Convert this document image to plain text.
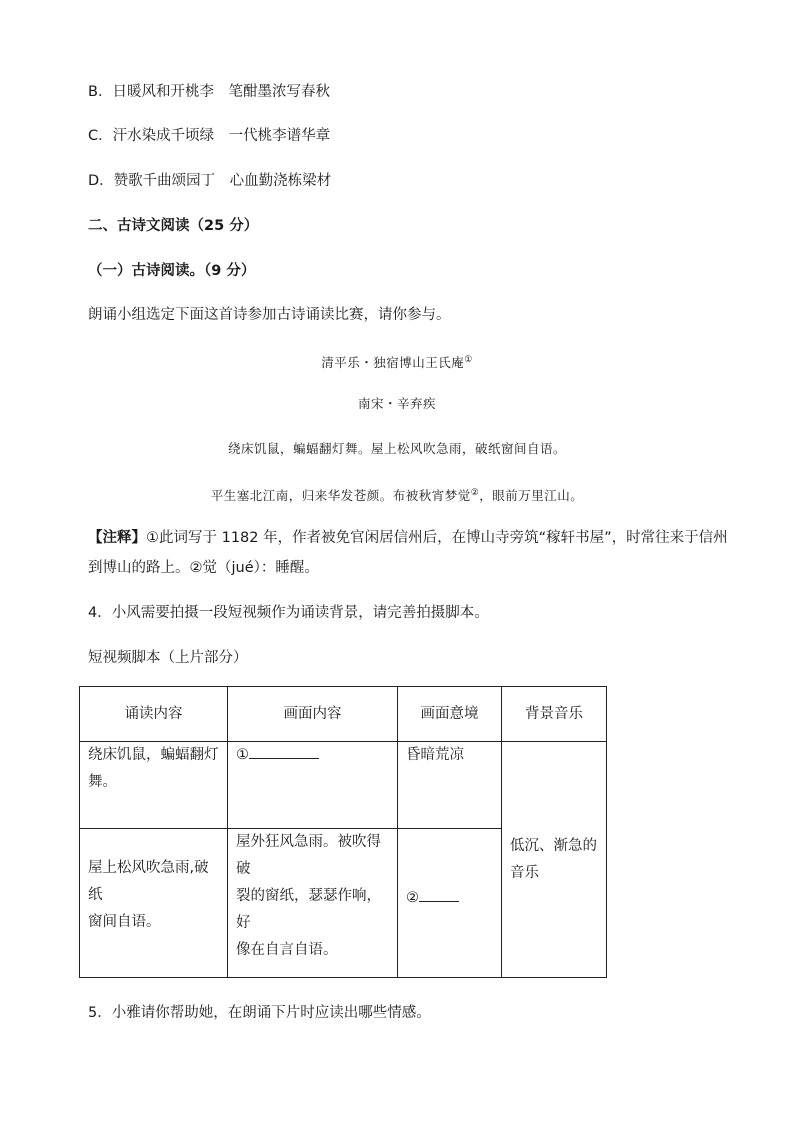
B．日暖风和开桃李　笔酣墨浓写春秋
C．汗水染成千顷绿　一代桃李谱华章
D．赞歌千曲颂园丁　心血勤浇栋梁材
二、古诗文阅读（25 分）
（一）古诗阅读。（9 分）
朗诵小组选定下面这首诗参加古诗诵读比赛，请你参与。
清平乐・独宿博山王氏庵①
南宋・辛弃疾
绕床饥鼠，蝙蝠翻灯舞。屋上松风吹急雨，破纸窗间自语。
平生塞北江南，归来华发苍颜。布被秋宵梦觉②，眼前万里江山。
【注释】①此词写于 1182 年，作者被免官闲居信州后，在博山寺旁筑“稼轩书屋”，时常往来于信州
到博山的路上。②觉（jué）：睡醒。
4．小风需要拍摄一段短视频作为诵读背景，请完善拍摄脚本。
短视频脚本（上片部分）
诵读内容	画面内容	画面意境	背景音乐
绕床饥鼠，蝙蝠翻灯
舞。	①	昏暗荒凉	低沉、渐急的
音乐
屋上松风吹急雨,破纸
窗间自语。	屋外狂风急雨。被吹得破
裂的窗纸，瑟瑟作响，好
像在自言自语。	②	
5．小雅请你帮助她，在朗诵下片时应读出哪些情感。
